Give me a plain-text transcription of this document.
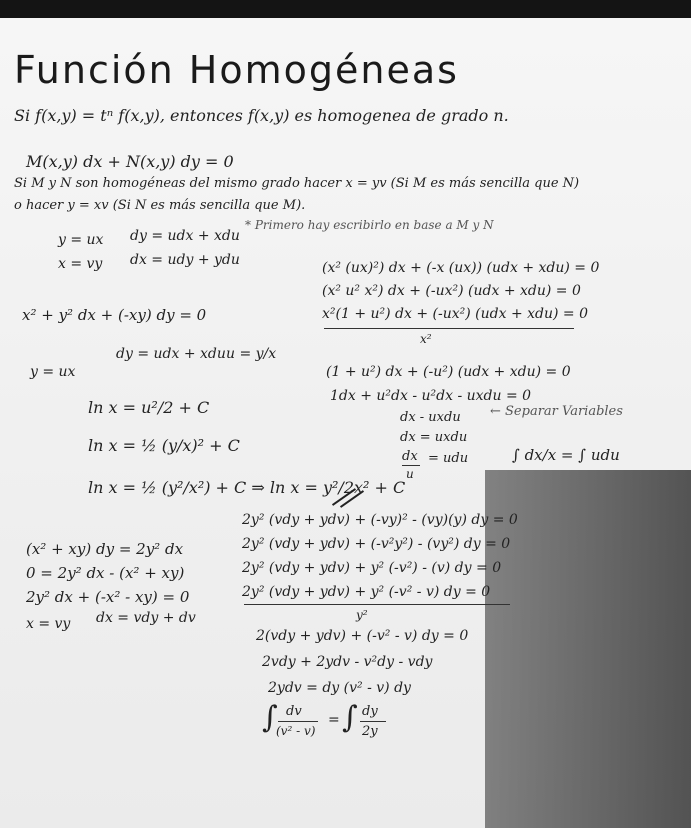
Función Homogéneas
Si f(x,y) = tⁿ f(x,y), entonces f(x,y) es homogenea de grado n.
M(x,y) dx + N(x,y) dy = 0
Si M y N son homogéneas del mismo grado hacer x = yv (Si M es más sencilla que N)
o hacer y = xv (Si N es más sencilla que M).
* Primero hay escribirlo en base a M y N
y = ux dy = udx + xdu
x = vy dx = udy + ydu
x² + y² dx + (-xy) dy = 0
(x² (ux)²) dx + (-x (ux)) (udx + xdu) = 0
(x² u² x²) dx + (-ux²) (udx + xdu) = 0
x²(1 + u²) dx + (-ux²) (udx + xdu) = 0
x²
(1 + u²) dx + (-u²) (udx + xdu) = 0
1dx + u²dx - u²dx - uxdu = 0
dx - uxdu ← Separar Variables
dx = uxdu
dx = udu
u
∫ dx/x = ∫ udu
y = ux
dy = udx + xdu u = y/x
ln x = u²/2 + C
ln x = ½ (y/x)² + C
ln x = ½ (y²/x²) + C ⇒ ln x = y²/2x² + C
(x² + xy) dy = 2y² dx
0 = 2y² dx - (x² + xy)
2y² dx + (-x² - xy) = 0
x = vy dx = vdy + dv
2y² (vdy + ydv) + (-vy)² - (vy)(y) dy = 0
2y² (vdy + ydv) + (-v²y²) - (vy²) dy = 0
2y² (vdy + ydv) + y² (-v²) - (v) dy = 0
2y² (vdy + ydv) + y² (-v² - v) dy = 0
y²
2(vdy + ydv) + (-v² - v) dy = 0
2vdy + 2ydv - v²dy - vdy
2ydv = dy (v² - v) dy
∫ dv
(v² - v)
= ∫ dy
2y
